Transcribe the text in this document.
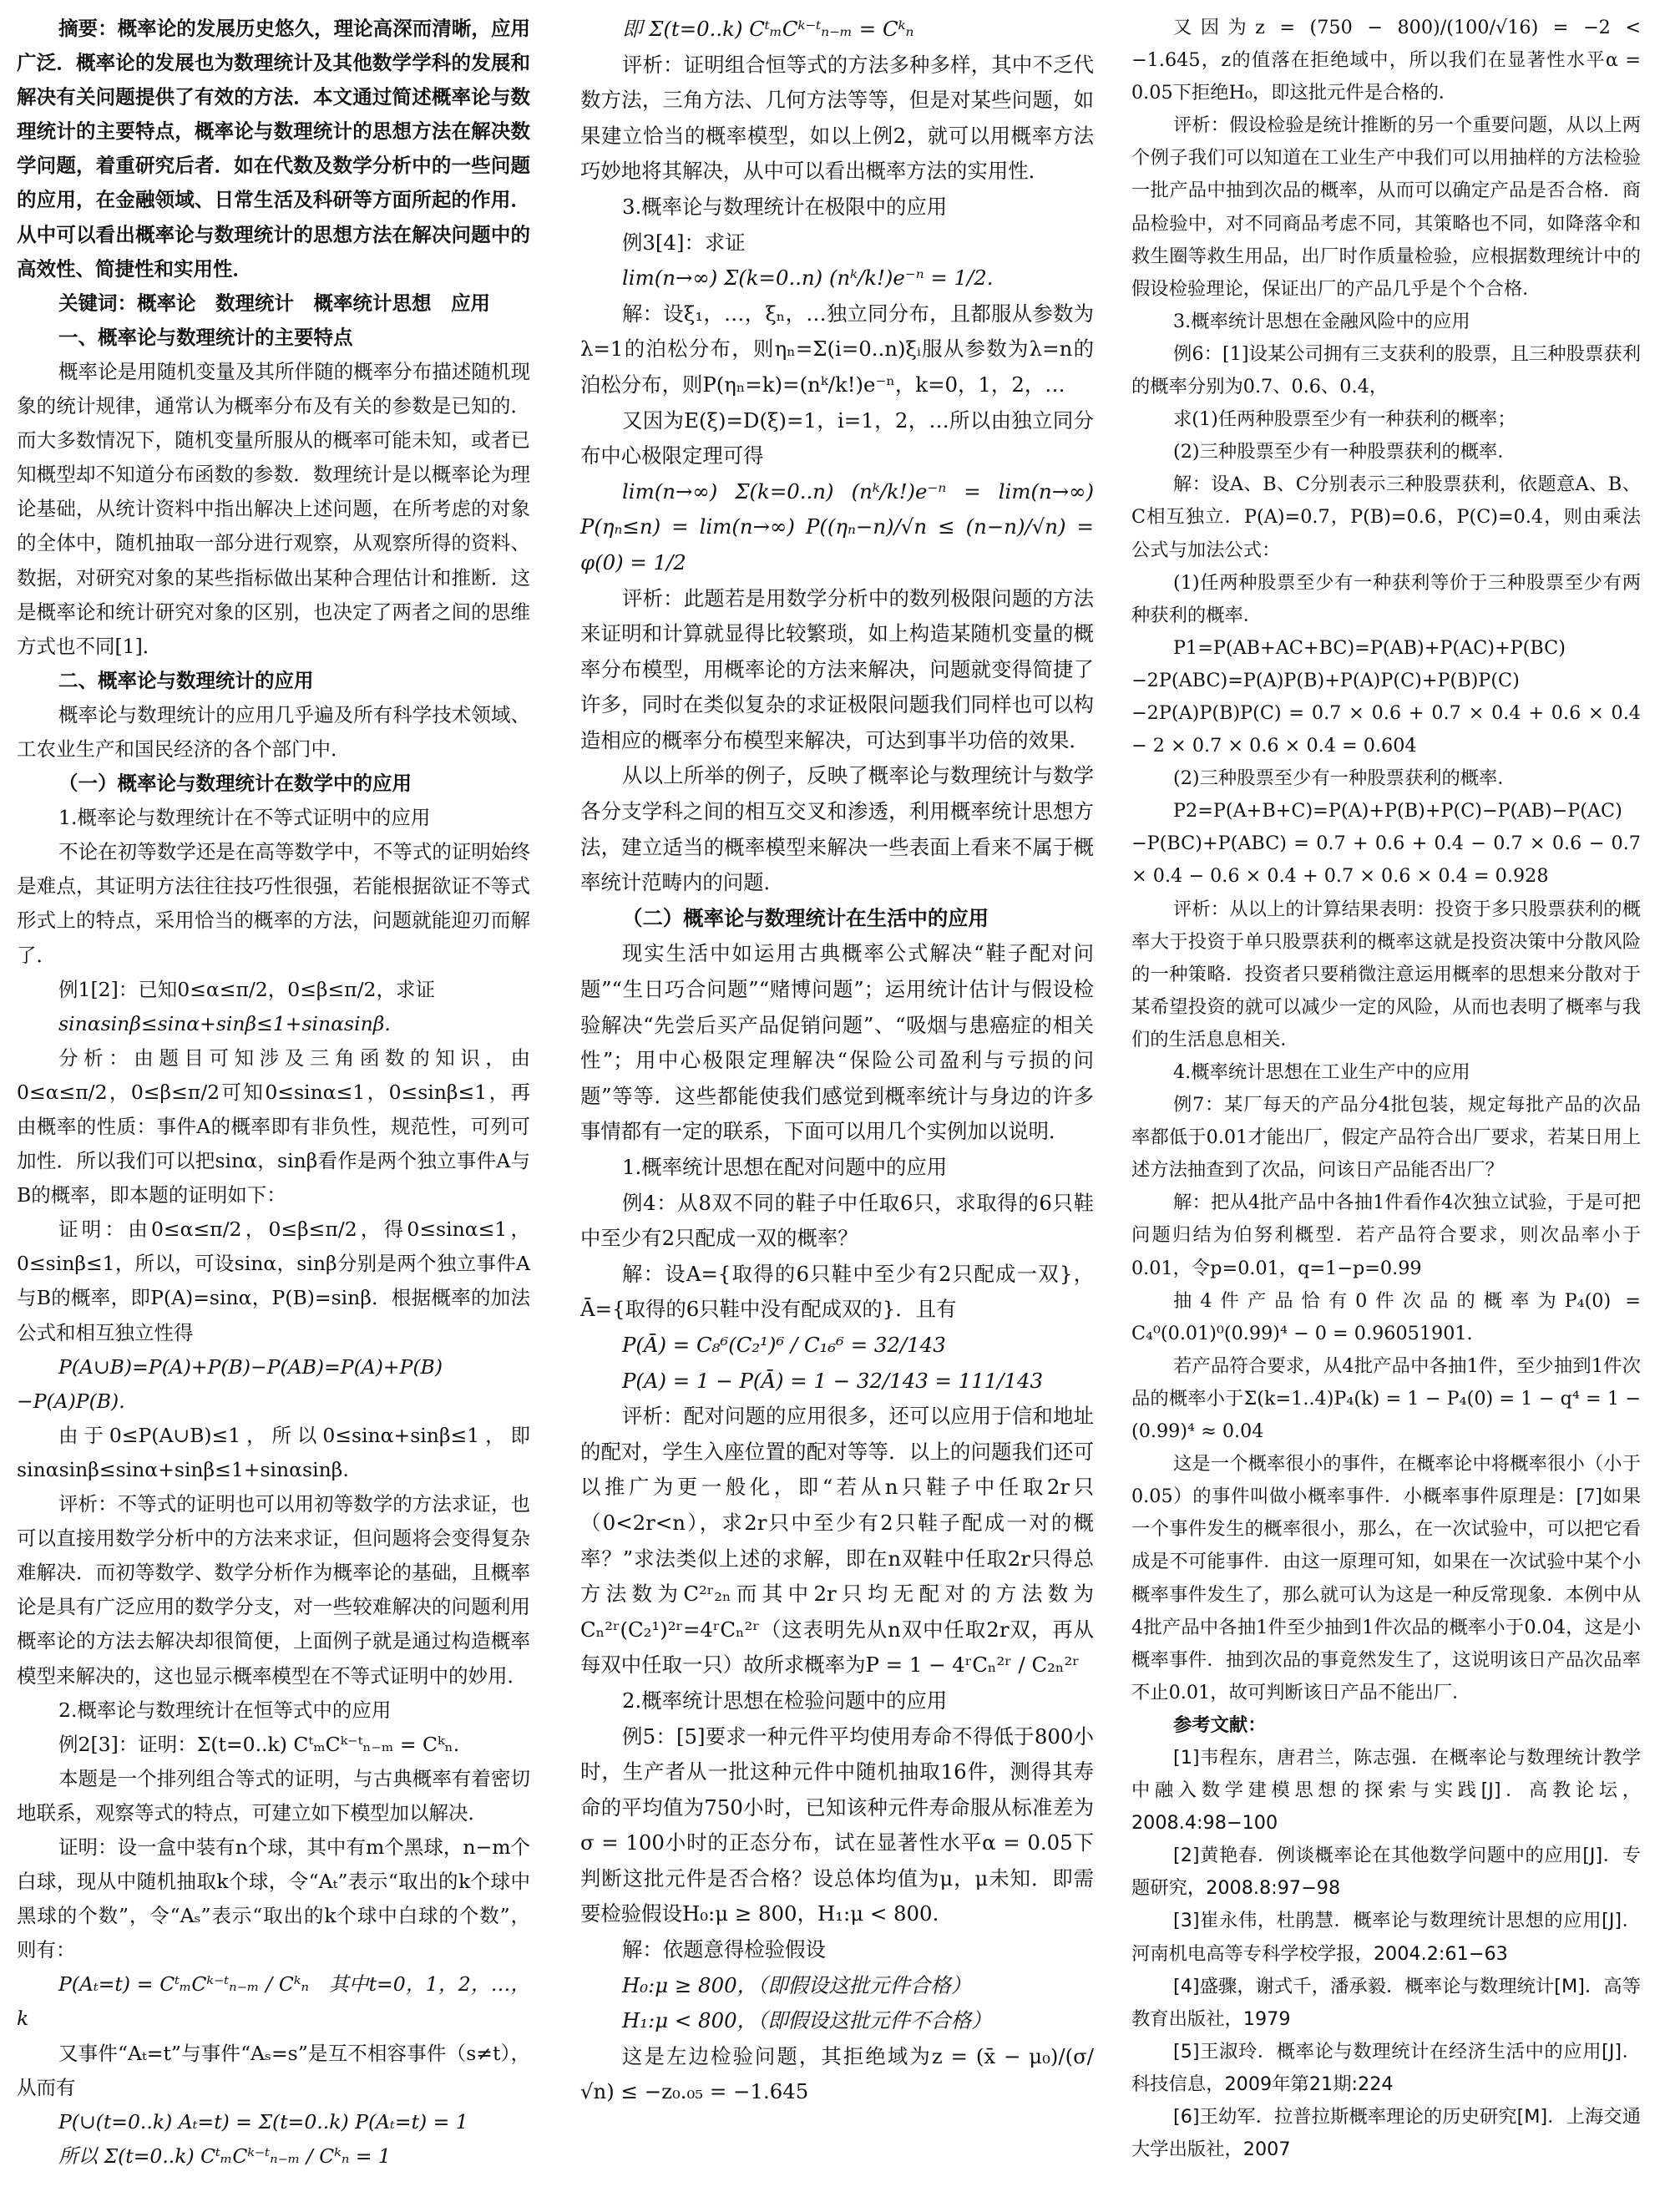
摘要：概率论的发展历史悠久，理论高深而清晰，应用广泛．概率论的发展也为数理统计及其他数学学科的发展和解决有关问题提供了有效的方法．本文通过简述概率论与数理统计的主要特点，概率论与数理统计的思想方法在解决数学问题，着重研究后者．如在代数及数学分析中的一些问题的应用，在金融领域、日常生活及科研等方面所起的作用．从中可以看出概率论与数理统计的思想方法在解决问题中的高效性、简捷性和实用性．

关键词：概率论　数理统计　概率统计思想　应用

一、概率论与数理统计的主要特点

概率论是用随机变量及其所伴随的概率分布描述随机现象的统计规律，通常认为概率分布及有关的参数是已知的．而大多数情况下，随机变量所服从的概率可能未知，或者已知概型却不知道分布函数的参数．数理统计是以概率论为理论基础，从统计资料中指出解决上述问题，在所考虑的对象的全体中，随机抽取一部分进行观察，从观察所得的资料、数据，对研究对象的某些指标做出某种合理估计和推断．这是概率论和统计研究对象的区别，也决定了两者之间的思维方式也不同[1]．

二、概率论与数理统计的应用

概率论与数理统计的应用几乎遍及所有科学技术领域、工农业生产和国民经济的各个部门中．

（一）概率论与数理统计在数学中的应用

1.概率论与数理统计在不等式证明中的应用

不论在初等数学还是在高等数学中，不等式的证明始终是难点，其证明方法往往技巧性很强，若能根据欲证不等式形式上的特点，采用恰当的概率的方法，问题就能迎刃而解了．

例1[2]：已知0≤α≤π/2，0≤β≤π/2，求证

sinαsinβ≤sinα+sinβ≤1+sinαsinβ.

分析：由题目可知涉及三角函数的知识，由0≤α≤π/2，0≤β≤π/2可知0≤sinα≤1，0≤sinβ≤1，再由概率的性质：事件A的概率即有非负性，规范性，可列可加性．所以我们可以把sinα，sinβ看作是两个独立事件A与B的概率，即本题的证明如下：

证明：由0≤α≤π/2，0≤β≤π/2，得0≤sinα≤1，0≤sinβ≤1，所以，可设sinα，sinβ分别是两个独立事件A与B的概率，即P(A)=sinα，P(B)=sinβ．根据概率的加法公式和相互独立性得

P(A∪B)=P(A)+P(B)−P(AB)=P(A)+P(B)−P(A)P(B).

由于0≤P(A∪B)≤1，所以0≤sinα+sinβ≤1，即sinαsinβ≤sinα+sinβ≤1+sinαsinβ.

评析：不等式的证明也可以用初等数学的方法求证，也可以直接用数学分析中的方法来求证，但问题将会变得复杂难解决．而初等数学、数学分析作为概率论的基础，且概率论是具有广泛应用的数学分支，对一些较难解决的问题利用概率论的方法去解决却很简便，上面例子就是通过构造概率模型来解决的，这也显示概率模型在不等式证明中的妙用．

2.概率论与数理统计在恒等式中的应用

例2[3]：证明：Σ(t=0..k) CᵗₘCᵏ⁻ᵗₙ₋ₘ = Cᵏₙ.

本题是一个排列组合等式的证明，与古典概率有着密切地联系，观察等式的特点，可建立如下模型加以解决．

证明：设一盒中装有n个球，其中有m个黑球，n−m个白球，现从中随机抽取k个球，令“Aₜ”表示“取出的k个球中黑球的个数”，令“Aₛ”表示“取出的k个球中白球的个数”，则有：

P(Aₜ=t) = CᵗₘCᵏ⁻ᵗₙ₋ₘ / Cᵏₙ　其中t=0，1，2，…，k

又事件“Aₜ=t”与事件“Aₛ=s”是互不相容事件（s≠t），从而有

P(∪(t=0..k) Aₜ=t) = Σ(t=0..k) P(Aₜ=t) = 1

所以 Σ(t=0..k) CᵗₘCᵏ⁻ᵗₙ₋ₘ / Cᵏₙ = 1

即 Σ(t=0..k) CᵗₘCᵏ⁻ᵗₙ₋ₘ = Cᵏₙ

评析：证明组合恒等式的方法多种多样，其中不乏代数方法，三角方法、几何方法等等，但是对某些问题，如果建立恰当的概率模型，如以上例2，就可以用概率方法巧妙地将其解决，从中可以看出概率方法的实用性．

3.概率论与数理统计在极限中的应用

例3[4]：求证

lim(n→∞) Σ(k=0..n) (nᵏ/k!)e⁻ⁿ = 1/2.

解：设ξ₁，…，ξₙ，…独立同分布，且都服从参数为λ=1的泊松分布，则ηₙ=Σ(i=0..n)ξᵢ服从参数为λ=n的泊松分布，则P(ηₙ=k)=(nᵏ/k!)e⁻ⁿ，k=0，1，2，…

又因为E(ξ)=D(ξ)=1，i=1，2，…所以由独立同分布中心极限定理可得

lim(n→∞) Σ(k=0..n) (nᵏ/k!)e⁻ⁿ = lim(n→∞) P(ηₙ≤n) = lim(n→∞) P((ηₙ−n)/√n ≤ (n−n)/√n) = φ(0) = 1/2

评析：此题若是用数学分析中的数列极限问题的方法来证明和计算就显得比较繁琐，如上构造某随机变量的概率分布模型，用概率论的方法来解决，问题就变得简捷了许多，同时在类似复杂的求证极限问题我们同样也可以构造相应的概率分布模型来解决，可达到事半功倍的效果．

从以上所举的例子，反映了概率论与数理统计与数学各分支学科之间的相互交叉和渗透，利用概率统计思想方法，建立适当的概率模型来解决一些表面上看来不属于概率统计范畴内的问题．

（二）概率论与数理统计在生活中的应用

现实生活中如运用古典概率公式解决“鞋子配对问题”“生日巧合问题”“赌博问题”；运用统计估计与假设检验解决“先尝后买产品促销问题”、“吸烟与患癌症的相关性”；用中心极限定理解决“保险公司盈利与亏损的问题”等等．这些都能使我们感觉到概率统计与身边的许多事情都有一定的联系，下面可以用几个实例加以说明．

1.概率统计思想在配对问题中的应用

例4：从8双不同的鞋子中任取6只，求取得的6只鞋中至少有2只配成一双的概率？

解：设A={取得的6只鞋中至少有2只配成一双}，Ā={取得的6只鞋中没有配成双的}．且有

P(Ā) = C₈⁶(C₂¹)⁶ / C₁₆⁶ = 32/143

P(A) = 1 − P(Ā) = 1 − 32/143 = 111/143

评析：配对问题的应用很多，还可以应用于信和地址的配对，学生入座位置的配对等等．以上的问题我们还可以推广为更一般化，即“若从n只鞋子中任取2r只（0<2r<n），求2r只中至少有2只鞋子配成一对的概率？”求法类似上述的求解，即在n双鞋中任取2r只得总方法数为C²ʳ₂ₙ而其中2r只均无配对的方法数为Cₙ²ʳ(C₂¹)²ʳ=4ʳCₙ²ʳ（这表明先从n双中任取2r双，再从每双中任取一只）故所求概率为P = 1 − 4ʳCₙ²ʳ / C₂ₙ²ʳ

2.概率统计思想在检验问题中的应用

例5：[5]要求一种元件平均使用寿命不得低于800小时，生产者从一批这种元件中随机抽取16件，测得其寿命的平均值为750小时，已知该种元件寿命服从标准差为σ = 100小时的正态分布，试在显著性水平α = 0.05下判断这批元件是否合格？设总体均值为μ，μ未知．即需要检验假设H₀:μ ≥ 800，H₁:μ < 800.

解：依题意得检验假设

H₀:μ ≥ 800，（即假设这批元件合格）

H₁:μ < 800，（即假设这批元件不合格）

这是左边检验问题，其拒绝域为z = (x̄ − μ₀)/(σ/√n) ≤ −z₀.₀₅ = −1.645

又因为z = (750 − 800)/(100/√16) = −2 < −1.645，z的值落在拒绝域中，所以我们在显著性水平α = 0.05下拒绝H₀，即这批元件是合格的．

评析：假设检验是统计推断的另一个重要问题，从以上两个例子我们可以知道在工业生产中我们可以用抽样的方法检验一批产品中抽到次品的概率，从而可以确定产品是否合格．商品检验中，对不同商品考虑不同，其策略也不同，如降落伞和救生圈等救生用品，出厂时作质量检验，应根据数理统计中的假设检验理论，保证出厂的产品几乎是个个合格．

3.概率统计思想在金融风险中的应用

例6：[1]设某公司拥有三支获利的股票，且三种股票获利的概率分别为0.7、0.6、0.4，

求(1)任两种股票至少有一种获利的概率；

(2)三种股票至少有一种股票获利的概率．

解：设A、B、C分别表示三种股票获利，依题意A、B、C相互独立．P(A)=0.7，P(B)=0.6，P(C)=0.4，则由乘法公式与加法公式：

(1)任两种股票至少有一种获利等价于三种股票至少有两种获利的概率．

P1=P(AB+AC+BC)=P(AB)+P(AC)+P(BC)−2P(ABC)=P(A)P(B)+P(A)P(C)+P(B)P(C)−2P(A)P(B)P(C) = 0.7 × 0.6 + 0.7 × 0.4 + 0.6 × 0.4 − 2 × 0.7 × 0.6 × 0.4 = 0.604

(2)三种股票至少有一种股票获利的概率．

P2=P(A+B+C)=P(A)+P(B)+P(C)−P(AB)−P(AC)−P(BC)+P(ABC) = 0.7 + 0.6 + 0.4 − 0.7 × 0.6 − 0.7 × 0.4 − 0.6 × 0.4 + 0.7 × 0.6 × 0.4 = 0.928

评析：从以上的计算结果表明：投资于多只股票获利的概率大于投资于单只股票获利的概率这就是投资决策中分散风险的一种策略．投资者只要稍微注意运用概率的思想来分散对于某希望投资的就可以减少一定的风险，从而也表明了概率与我们的生活息息相关．

4.概率统计思想在工业生产中的应用

例7：某厂每天的产品分4批包装，规定每批产品的次品率都低于0.01才能出厂，假定产品符合出厂要求，若某日用上述方法抽查到了次品，问该日产品能否出厂？

解：把从4批产品中各抽1件看作4次独立试验，于是可把问题归结为伯努利概型．若产品符合要求，则次品率小于0.01，令p=0.01，q=1−p=0.99

抽4件产品恰有0件次品的概率为P₄(0) = C₄⁰(0.01)⁰(0.99)⁴ − 0 = 0.96051901.

若产品符合要求，从4批产品中各抽1件，至少抽到1件次品的概率小于Σ(k=1..4)P₄(k) = 1 − P₄(0) = 1 − q⁴ = 1 − (0.99)⁴ ≈ 0.04

这是一个概率很小的事件，在概率论中将概率很小（小于0.05）的事件叫做小概率事件．小概率事件原理是：[7]如果一个事件发生的概率很小，那么，在一次试验中，可以把它看成是不可能事件．由这一原理可知，如果在一次试验中某个小概率事件发生了，那么就可认为这是一种反常现象．本例中从4批产品中各抽1件至少抽到1件次品的概率小于0.04，这是小概率事件．抽到次品的事竟然发生了，这说明该日产品次品率不止0.01，故可判断该日产品不能出厂．

参考文献：

[1]韦程东，唐君兰，陈志强．在概率论与数理统计教学中融入数学建模思想的探索与实践[J]．高教论坛，2008.4:98−100

[2]黄艳春．例谈概率论在其他数学问题中的应用[J]．专题研究，2008.8:97−98

[3]崔永伟，杜鹃慧．概率论与数理统计思想的应用[J]．河南机电高等专科学校学报，2004.2:61−63

[4]盛骤，谢式千，潘承毅．概率论与数理统计[M]．高等教育出版社，1979

[5]王淑玲．概率论与数理统计在经济生活中的应用[J]．科技信息，2009年第21期:224

[6]王幼军．拉普拉斯概率理论的历史研究[M]．上海交通大学出版社，2007
